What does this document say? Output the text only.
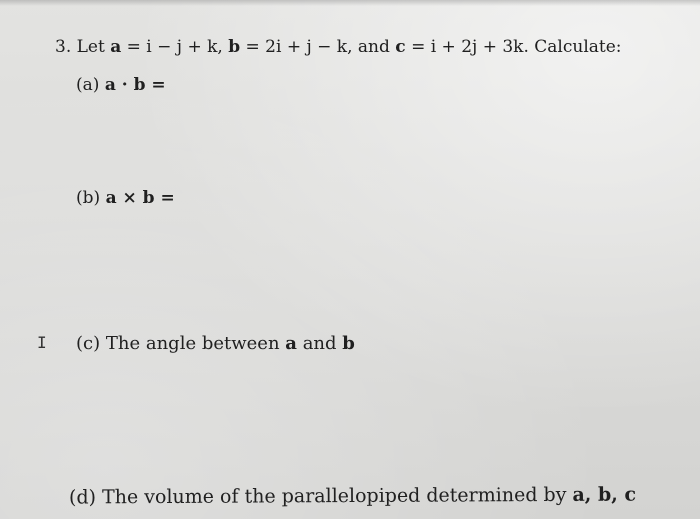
3. Let a = i − j + k, b = 2i + j − k, and c = i + 2j + 3k. Calculate:
(a) a · b =
(b) a × b =
I (c) The angle between a and b
(d) The volume of the parallelopiped determined by a, b, c
